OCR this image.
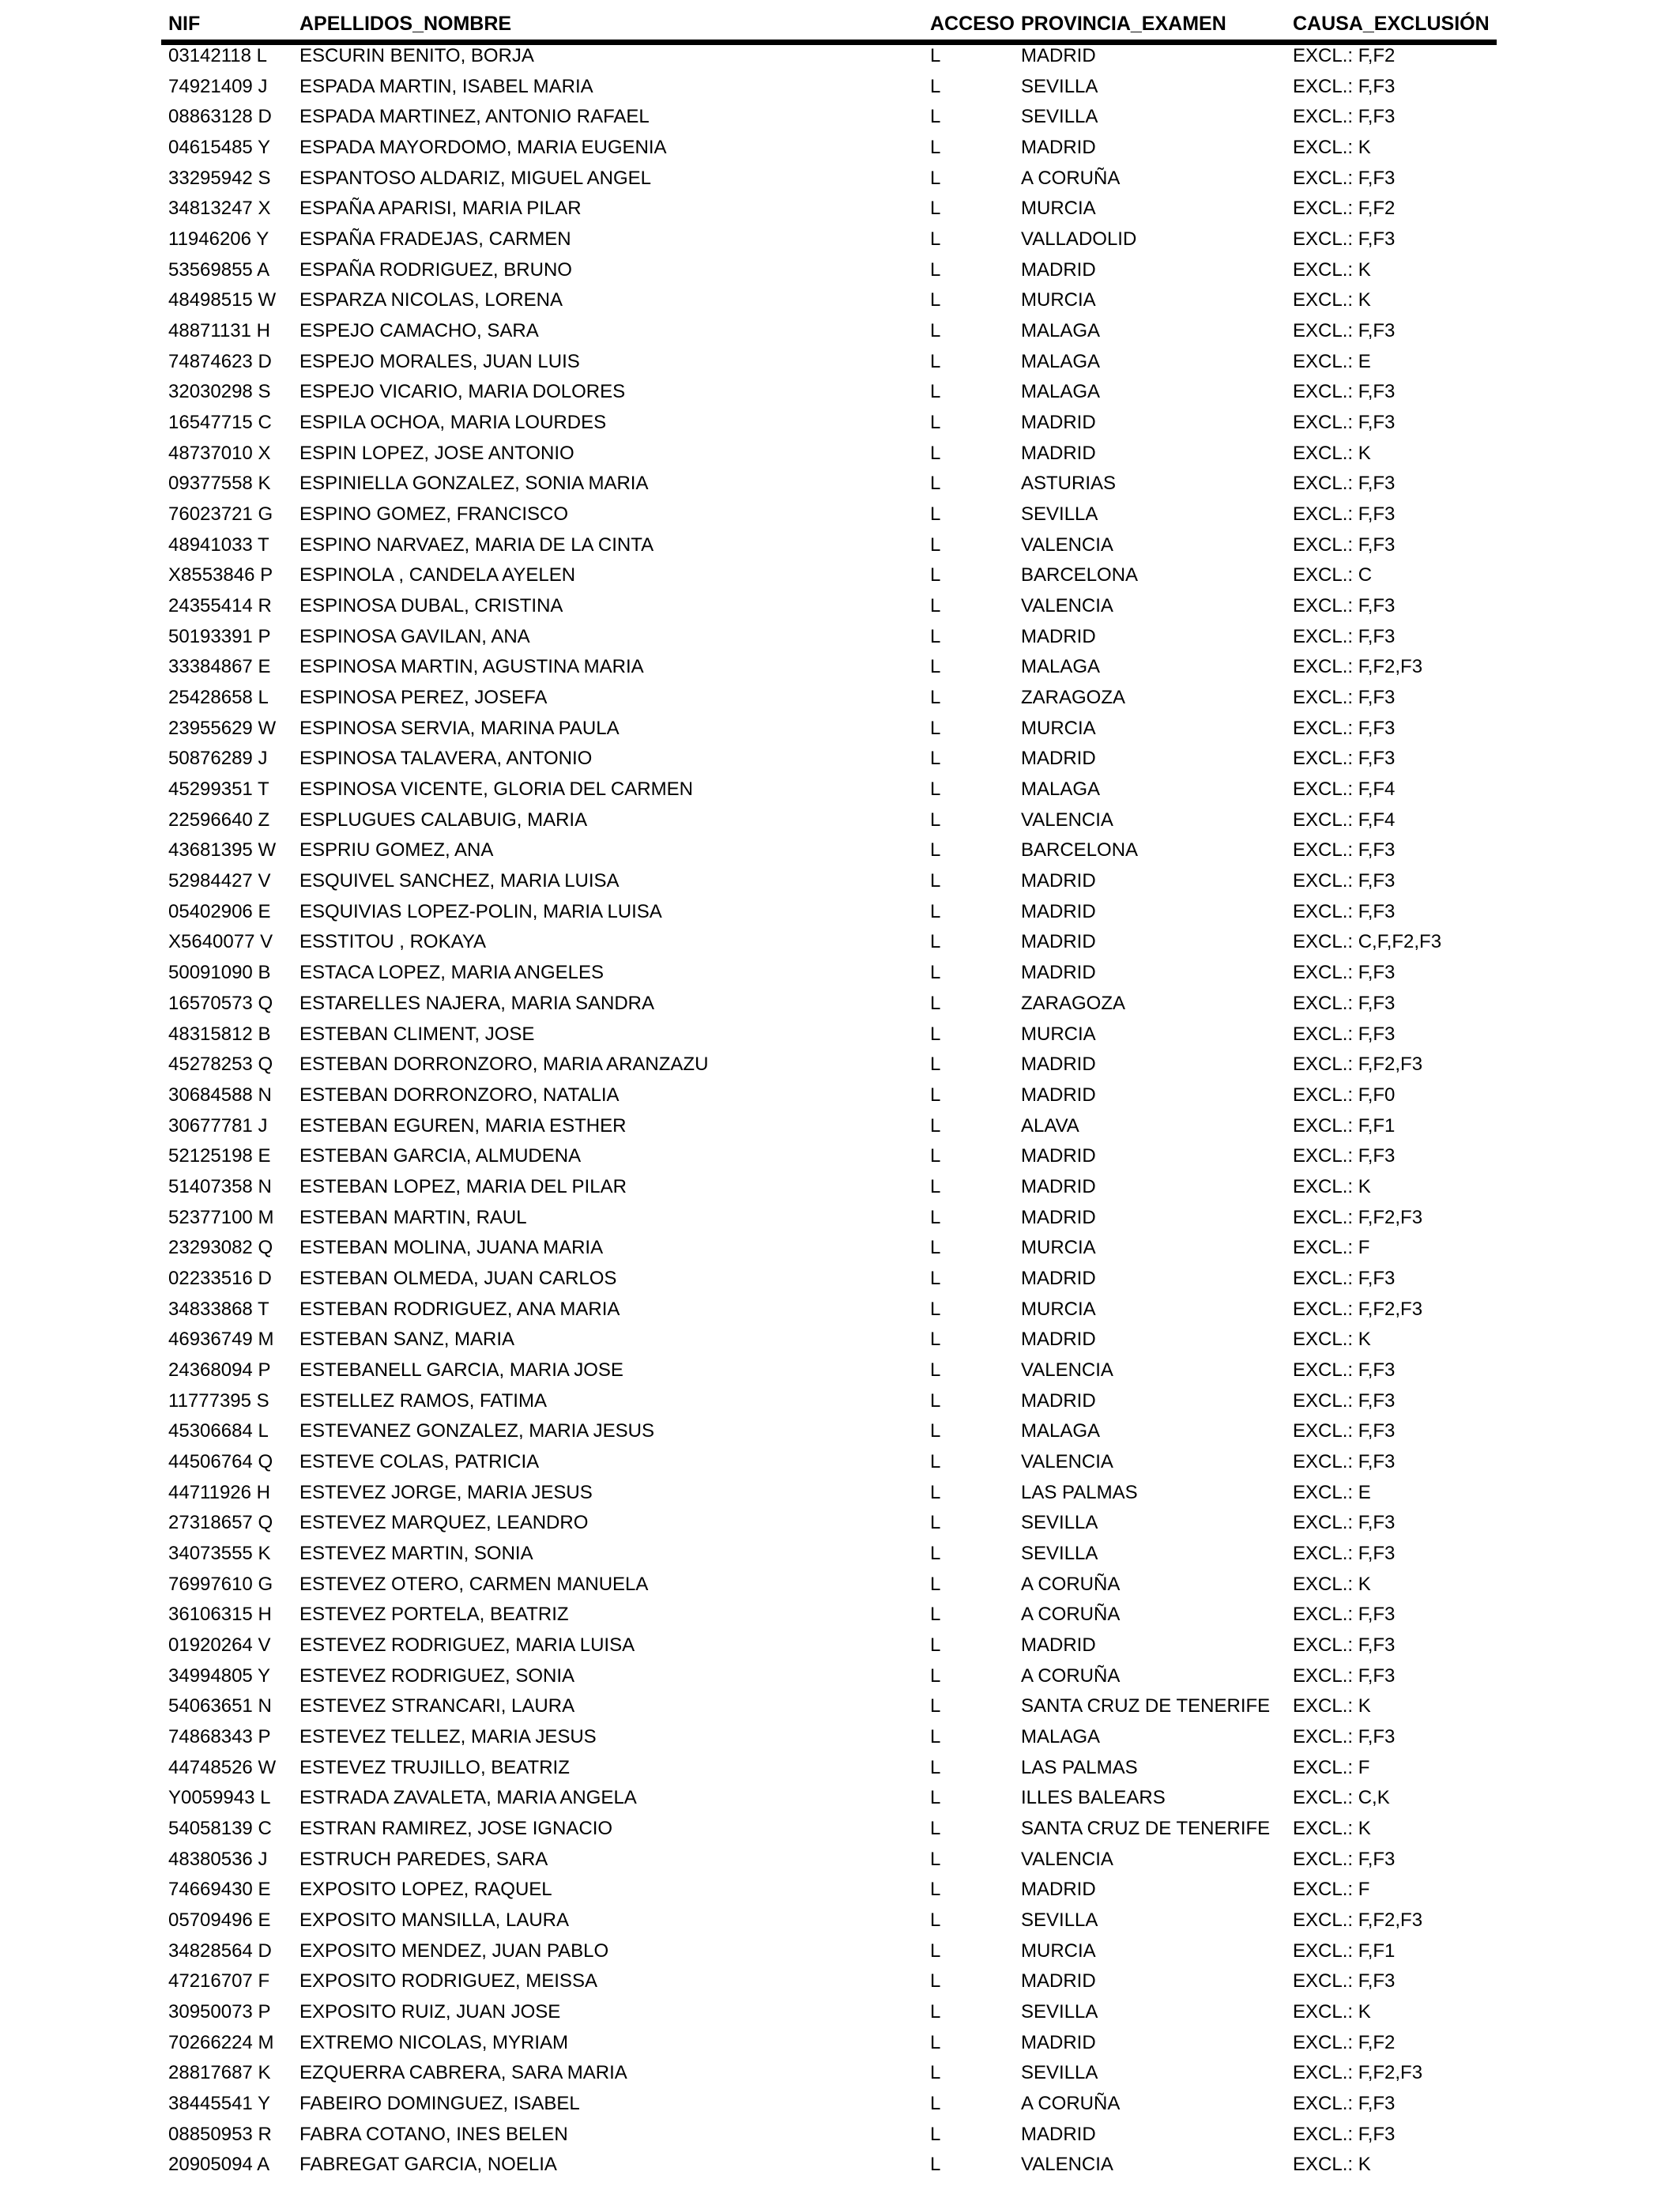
NIF	APELLIDOS_NOMBRE	ACCESO PROVINCIA_EXAMEN	CAUSA_EXCLUSIÓN
03142118 L ESCURIN BENITO, BORJA	L	MADRID	EXCL.: F,F2
74921409 J ESPADA MARTIN, ISABEL MARIA	L	SEVILLA	EXCL.: F,F3
08863128 D ESPADA MARTINEZ, ANTONIO RAFAEL	L	SEVILLA	EXCL.: F,F3
04615485 Y ESPADA MAYORDOMO, MARIA EUGENIA	L	MADRID	EXCL.: K
33295942 S ESPANTOSO ALDARIZ, MIGUEL ANGEL	L	A CORUÑA	EXCL.: F,F3
34813247 X ESPAÑA APARISI, MARIA PILAR	L	MURCIA	EXCL.: F,F2
11946206 Y ESPAÑA FRADEJAS, CARMEN	L	VALLADOLID	EXCL.: F,F3
53569855 A ESPAÑA RODRIGUEZ, BRUNO	L	MADRID	EXCL.: K
48498515 W ESPARZA NICOLAS, LORENA	L	MURCIA	EXCL.: K
48871131 H ESPEJO CAMACHO, SARA	L	MALAGA	EXCL.: F,F3
74874623 D ESPEJO MORALES, JUAN LUIS	L	MALAGA	EXCL.: E
32030298 S ESPEJO VICARIO, MARIA DOLORES	L	MALAGA	EXCL.: F,F3
16547715 C ESPILA OCHOA, MARIA LOURDES	L	MADRID	EXCL.: F,F3
48737010 X ESPIN LOPEZ, JOSE ANTONIO	L	MADRID	EXCL.: K
09377558 K ESPINIELLA GONZALEZ, SONIA MARIA	L	ASTURIAS	EXCL.: F,F3
76023721 G ESPINO GOMEZ, FRANCISCO	L	SEVILLA	EXCL.: F,F3
48941033 T ESPINO NARVAEZ, MARIA DE LA CINTA	L	VALENCIA	EXCL.: F,F3
X8553846 P ESPINOLA , CANDELA AYELEN	L	BARCELONA	EXCL.: C
24355414 R ESPINOSA DUBAL, CRISTINA	L	VALENCIA	EXCL.: F,F3
50193391 P ESPINOSA GAVILAN, ANA	L	MADRID	EXCL.: F,F3
33384867 E ESPINOSA MARTIN, AGUSTINA MARIA	L	MALAGA	EXCL.: F,F2,F3
25428658 L ESPINOSA PEREZ, JOSEFA	L	ZARAGOZA	EXCL.: F,F3
23955629 W ESPINOSA SERVIA, MARINA PAULA	L	MURCIA	EXCL.: F,F3
50876289 J ESPINOSA TALAVERA, ANTONIO	L	MADRID	EXCL.: F,F3
45299351 T ESPINOSA VICENTE, GLORIA DEL CARMEN	L	MALAGA	EXCL.: F,F4
22596640 Z ESPLUGUES CALABUIG, MARIA	L	VALENCIA	EXCL.: F,F4
43681395 W ESPRIU GOMEZ, ANA	L	BARCELONA	EXCL.: F,F3
52984427 V ESQUIVEL SANCHEZ, MARIA LUISA	L	MADRID	EXCL.: F,F3
05402906 E ESQUIVIAS LOPEZ-POLIN, MARIA LUISA	L	MADRID	EXCL.: F,F3
X5640077 V ESSTITOU , ROKAYA	L	MADRID	EXCL.: C,F,F2,F3
50091090 B ESTACA LOPEZ, MARIA ANGELES	L	MADRID	EXCL.: F,F3
16570573 Q ESTARELLES NAJERA, MARIA SANDRA	L	ZARAGOZA	EXCL.: F,F3
48315812 B ESTEBAN CLIMENT, JOSE	L	MURCIA	EXCL.: F,F3
45278253 Q ESTEBAN DORRONZORO, MARIA ARANZAZU	L	MADRID	EXCL.: F,F2,F3
30684588 N ESTEBAN DORRONZORO, NATALIA	L	MADRID	EXCL.: F,F0
30677781 J ESTEBAN EGUREN, MARIA ESTHER	L	ALAVA	EXCL.: F,F1
52125198 E ESTEBAN GARCIA, ALMUDENA	L	MADRID	EXCL.: F,F3
51407358 N ESTEBAN LOPEZ, MARIA DEL PILAR	L	MADRID	EXCL.: K
52377100 M ESTEBAN MARTIN, RAUL	L	MADRID	EXCL.: F,F2,F3
23293082 Q ESTEBAN MOLINA, JUANA MARIA	L	MURCIA	EXCL.: F
02233516 D ESTEBAN OLMEDA, JUAN CARLOS	L	MADRID	EXCL.: F,F3
34833868 T ESTEBAN RODRIGUEZ, ANA MARIA	L	MURCIA	EXCL.: F,F2,F3
46936749 M ESTEBAN SANZ, MARIA	L	MADRID	EXCL.: K
24368094 P ESTEBANELL GARCIA, MARIA JOSE	L	VALENCIA	EXCL.: F,F3
11777395 S ESTELLEZ RAMOS, FATIMA	L	MADRID	EXCL.: F,F3
45306684 L ESTEVANEZ GONZALEZ, MARIA JESUS	L	MALAGA	EXCL.: F,F3
44506764 Q ESTEVE COLAS, PATRICIA	L	VALENCIA	EXCL.: F,F3
44711926 H ESTEVEZ JORGE, MARIA JESUS	L	LAS PALMAS	EXCL.: E
27318657 Q ESTEVEZ MARQUEZ, LEANDRO	L	SEVILLA	EXCL.: F,F3
34073555 K ESTEVEZ MARTIN, SONIA	L	SEVILLA	EXCL.: F,F3
76997610 G ESTEVEZ OTERO, CARMEN MANUELA	L	A CORUÑA	EXCL.: K
36106315 H ESTEVEZ PORTELA, BEATRIZ	L	A CORUÑA	EXCL.: F,F3
01920264 V ESTEVEZ RODRIGUEZ, MARIA LUISA	L	MADRID	EXCL.: F,F3
34994805 Y ESTEVEZ RODRIGUEZ, SONIA	L	A CORUÑA	EXCL.: F,F3
54063651 N ESTEVEZ STRANCARI, LAURA	L	SANTA CRUZ DE TENERIFE EXCL.: K
74868343 P ESTEVEZ TELLEZ, MARIA JESUS	L	MALAGA	EXCL.: F,F3
44748526 W ESTEVEZ TRUJILLO, BEATRIZ	L	LAS PALMAS	EXCL.: F
Y0059943 L ESTRADA ZAVALETA, MARIA ANGELA	L	ILLES BALEARS	EXCL.: C,K
54058139 C ESTRAN RAMIREZ, JOSE IGNACIO	L	SANTA CRUZ DE TENERIFE EXCL.: K
48380536 J ESTRUCH PAREDES, SARA	L	VALENCIA	EXCL.: F,F3
74669430 E EXPOSITO LOPEZ, RAQUEL	L	MADRID	EXCL.: F
05709496 E EXPOSITO MANSILLA, LAURA	L	SEVILLA	EXCL.: F,F2,F3
34828564 D EXPOSITO MENDEZ, JUAN PABLO	L	MURCIA	EXCL.: F,F1
47216707 F EXPOSITO RODRIGUEZ, MEISSA	L	MADRID	EXCL.: F,F3
30950073 P EXPOSITO RUIZ, JUAN JOSE	L	SEVILLA	EXCL.: K
70266224 M EXTREMO NICOLAS, MYRIAM	L	MADRID	EXCL.: F,F2
28817687 K EZQUERRA CABRERA, SARA MARIA	L	SEVILLA	EXCL.: F,F2,F3
38445541 Y FABEIRO DOMINGUEZ, ISABEL	L	A CORUÑA	EXCL.: F,F3
08850953 R FABRA COTANO, INES BELEN	L	MADRID	EXCL.: F,F3
20905094 A FABREGAT GARCIA, NOELIA	L	VALENCIA	EXCL.: K
